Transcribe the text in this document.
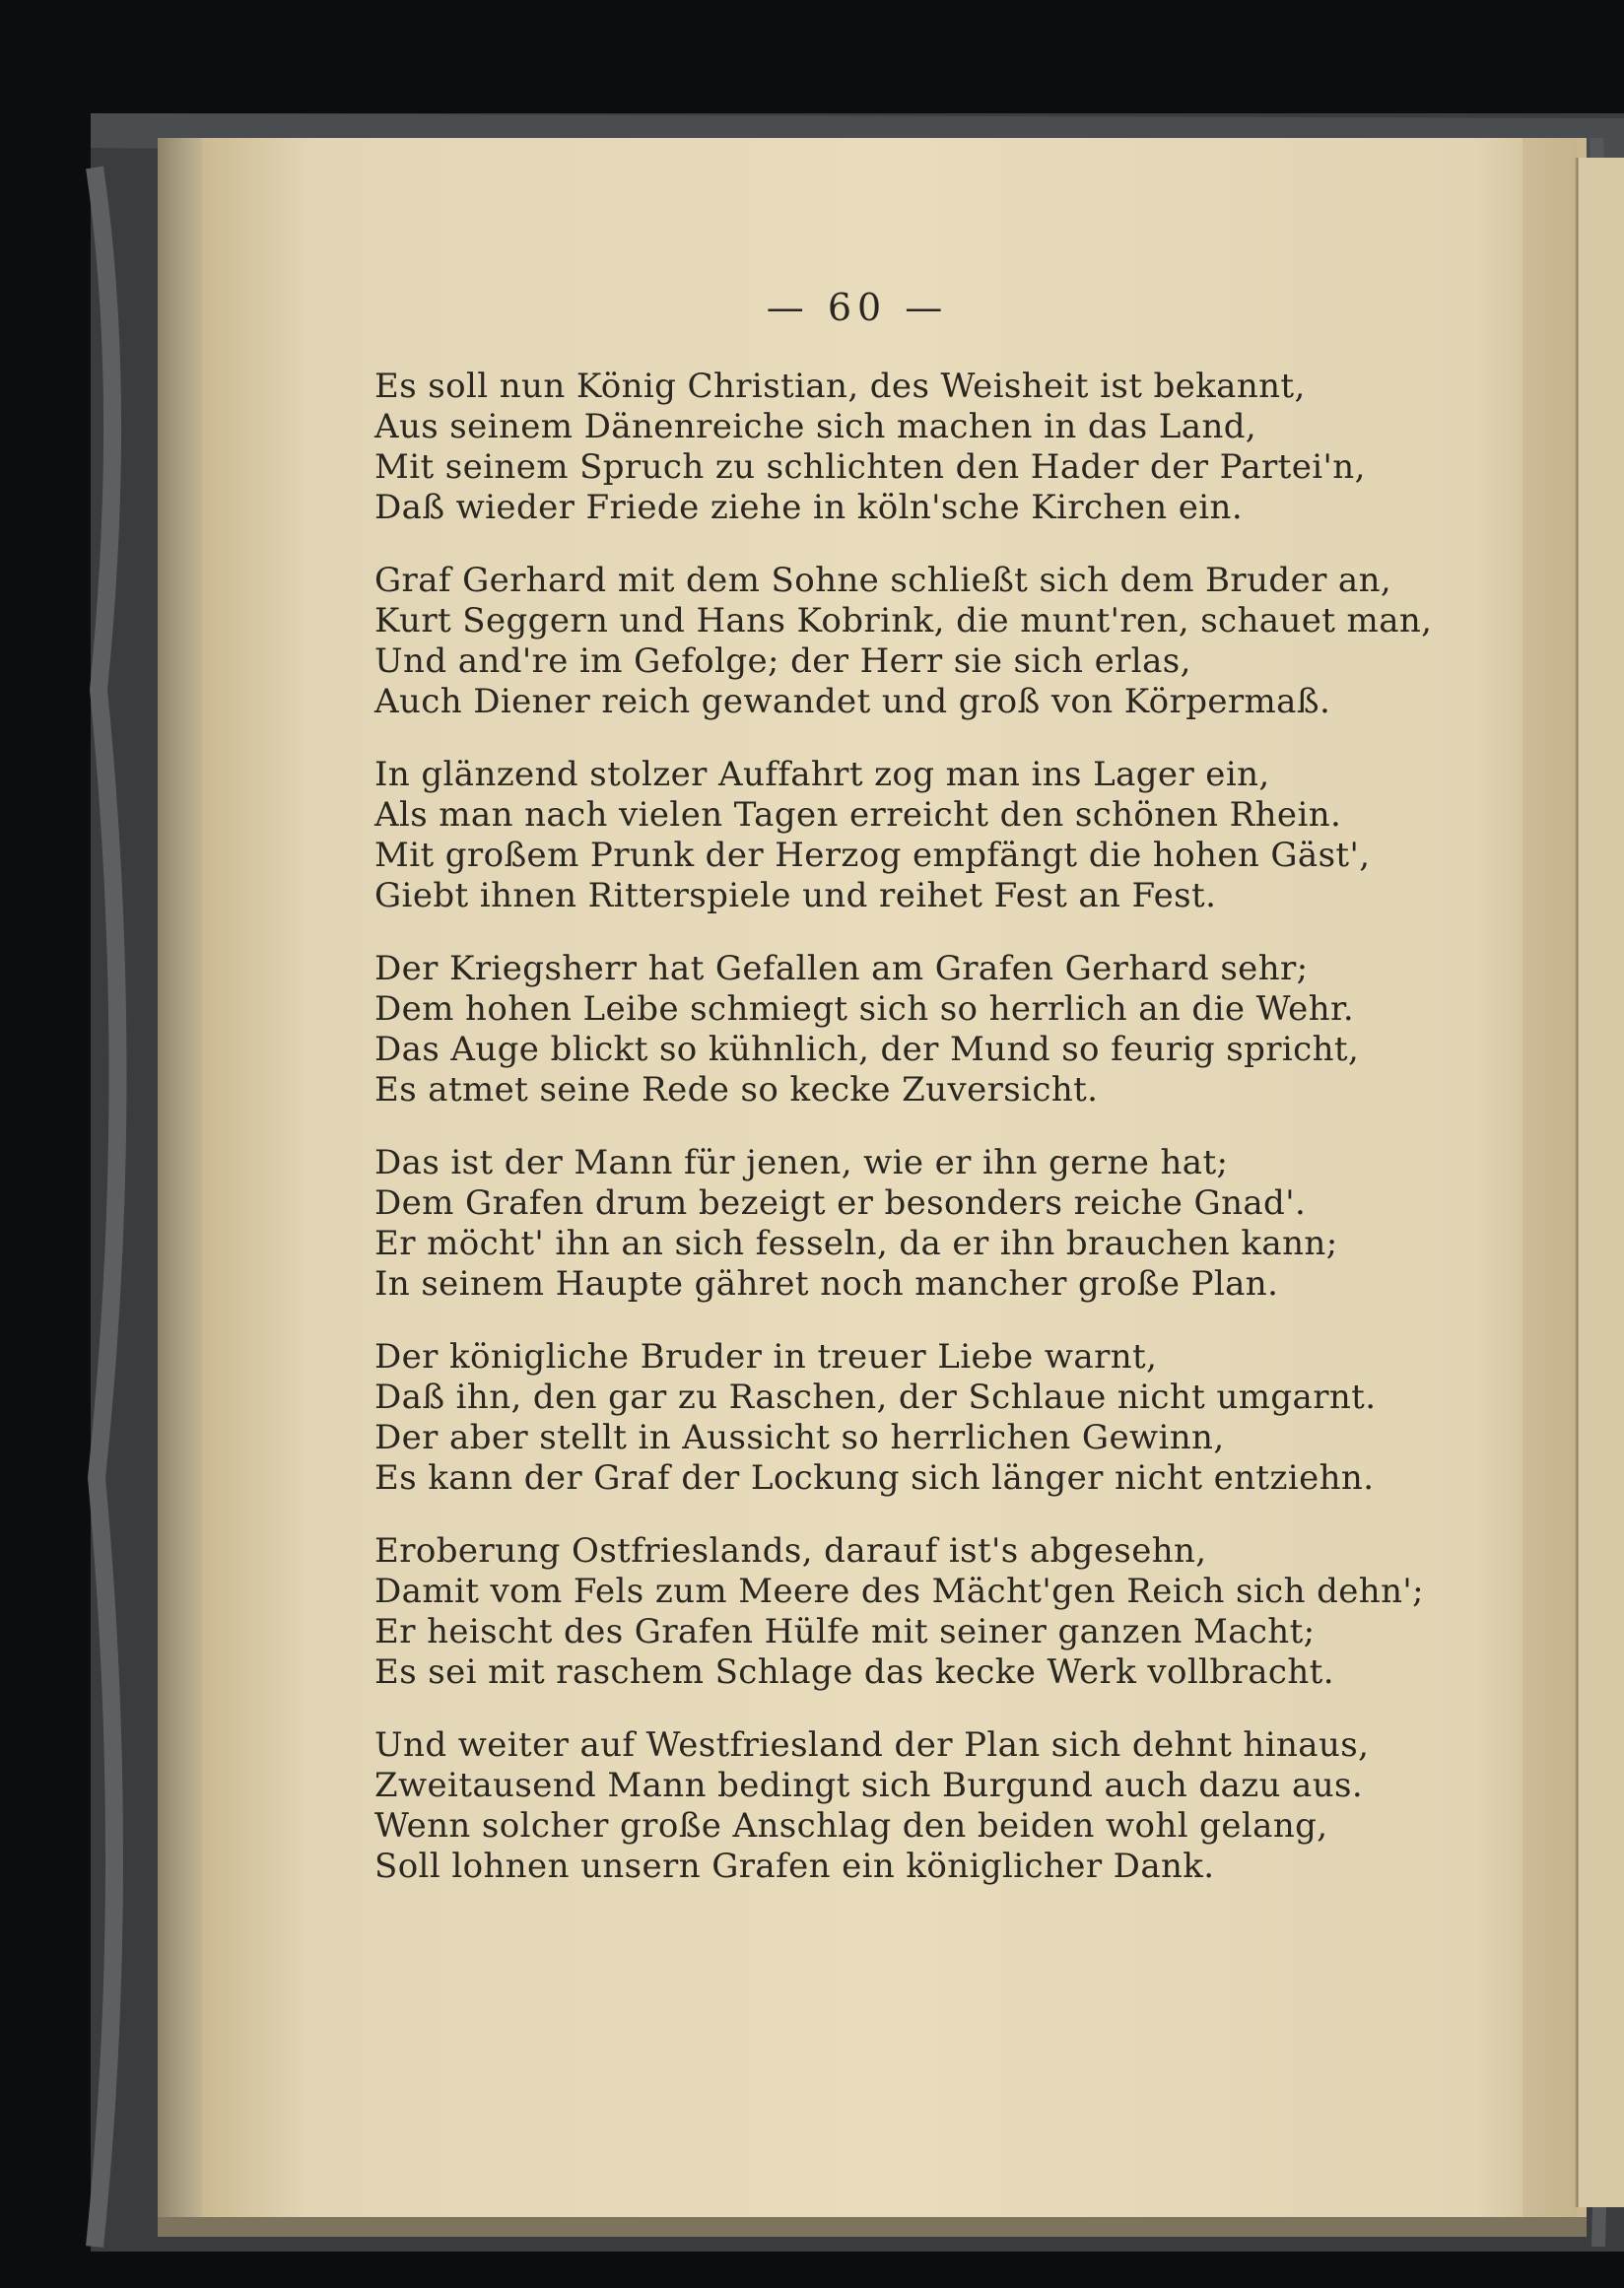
— 60 —
Es soll nun König Christian, des Weisheit ist bekannt,
Aus seinem Dänenreiche sich machen in das Land,
Mit seinem Spruch zu schlichten den Hader der Partei'n,
Daß wieder Friede ziehe in köln'sche Kirchen ein.
Graf Gerhard mit dem Sohne schließt sich dem Bruder an,
Kurt Seggern und Hans Kobrink, die munt'ren, schauet man,
Und and're im Gefolge; der Herr sie sich erlas,
Auch Diener reich gewandet und groß von Körpermaß.
In glänzend stolzer Auffahrt zog man ins Lager ein,
Als man nach vielen Tagen erreicht den schönen Rhein.
Mit großem Prunk der Herzog empfängt die hohen Gäst',
Giebt ihnen Ritterspiele und reihet Fest an Fest.
Der Kriegsherr hat Gefallen am Grafen Gerhard sehr;
Dem hohen Leibe schmiegt sich so herrlich an die Wehr.
Das Auge blickt so kühnlich, der Mund so feurig spricht,
Es atmet seine Rede so kecke Zuversicht.
Das ist der Mann für jenen, wie er ihn gerne hat;
Dem Grafen drum bezeigt er besonders reiche Gnad'.
Er möcht' ihn an sich fesseln, da er ihn brauchen kann;
In seinem Haupte gähret noch mancher große Plan.
Der königliche Bruder in treuer Liebe warnt,
Daß ihn, den gar zu Raschen, der Schlaue nicht umgarnt.
Der aber stellt in Aussicht so herrlichen Gewinn,
Es kann der Graf der Lockung sich länger nicht entziehn.
Eroberung Ostfrieslands, darauf ist's abgesehn,
Damit vom Fels zum Meere des Mächt'gen Reich sich dehn';
Er heischt des Grafen Hülfe mit seiner ganzen Macht;
Es sei mit raschem Schlage das kecke Werk vollbracht.
Und weiter auf Westfriesland der Plan sich dehnt hinaus,
Zweitausend Mann bedingt sich Burgund auch dazu aus.
Wenn solcher große Anschlag den beiden wohl gelang,
Soll lohnen unsern Grafen ein königlicher Dank.
